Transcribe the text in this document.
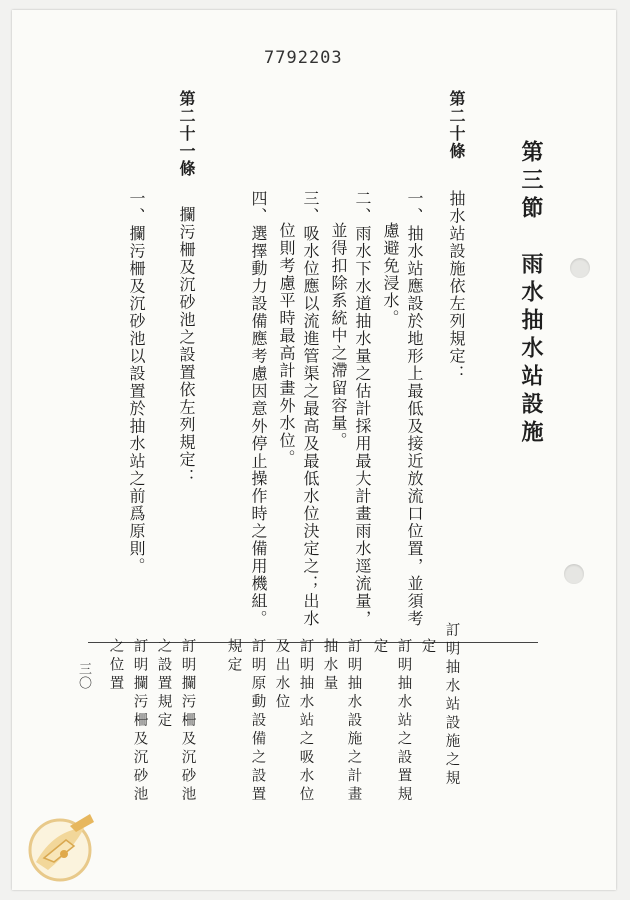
7792203
第三節　雨水抽水站設施
第二十條
抽水站設施依左列規定：
一、抽水站應設於地形上最低及接近放流口位置，並須考
慮避免浸水。
二、雨水下水道抽水量之估計採用最大計畫雨水逕流量，
並得扣除系統中之滯留容量。
三、吸水位應以流進管渠之最高及最低水位決定之；出水
位則考慮平時最高計畫外水位。
四、選擇動力設備應考慮因意外停止操作時之備用機組。
第二十一條
攔污柵及沉砂池之設置依左列規定：
一、攔污柵及沉砂池以設置於抽水站之前爲原則。
訂明抽水站設施之規
定
訂明抽水站之設置規
定
訂明抽水設施之計畫
抽水量
訂明抽水站之吸水位
及出水位
訂明原動設備之設置
規定
訂明攔污柵及沉砂池
之設置規定
訂明攔污柵及沉砂池
之位置
三〇
